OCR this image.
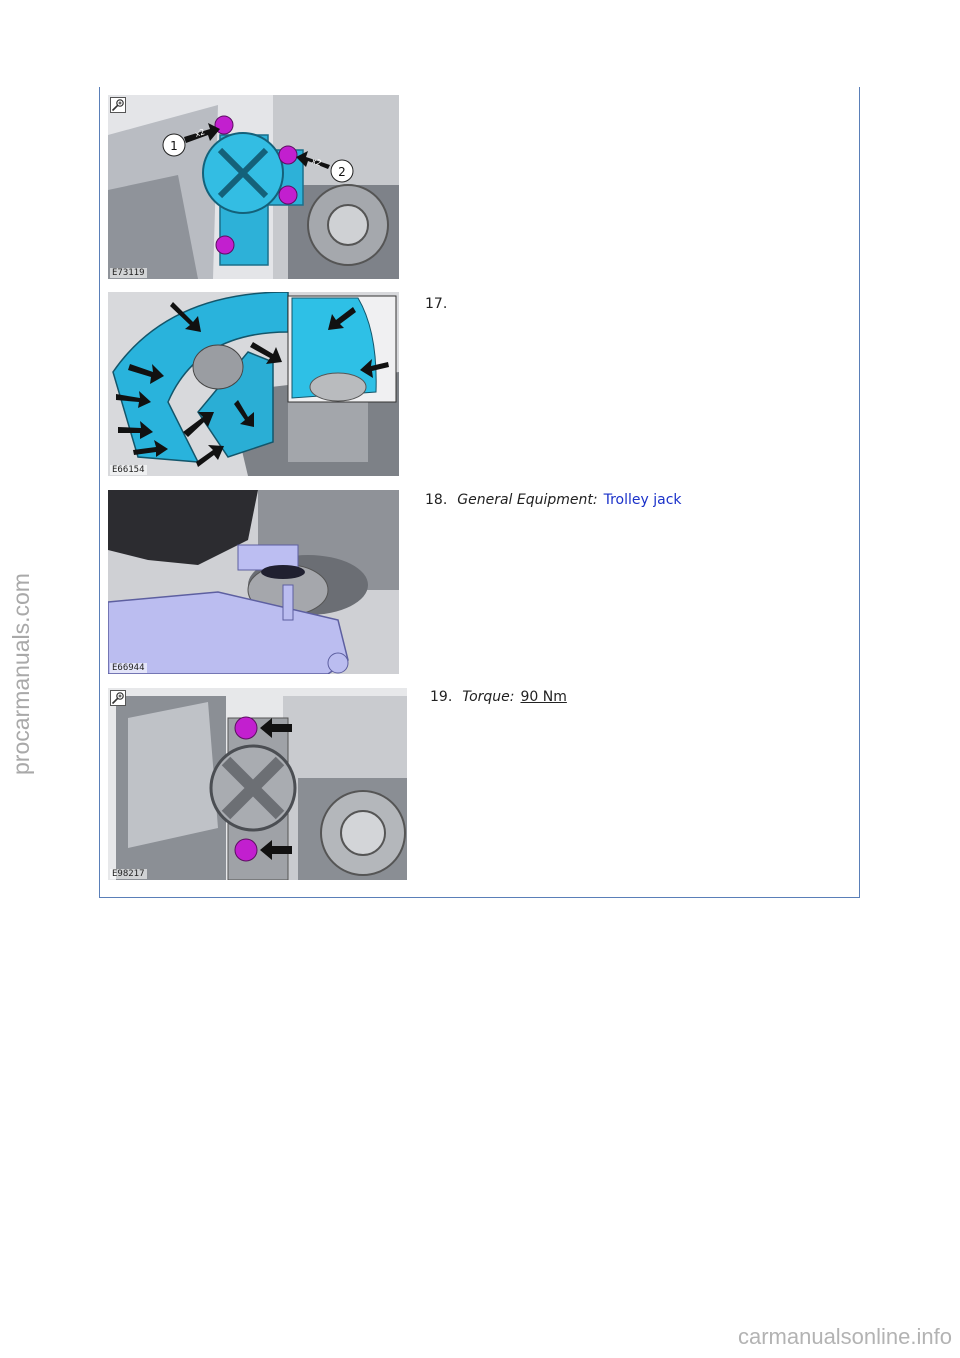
1
2
x2
x2
E73119
E66154
E66944
E98217
17.
18. General Equipment: Trolley jack
19. Torque: 90 Nm
procarmanuals.com
carmanualsonline.info
